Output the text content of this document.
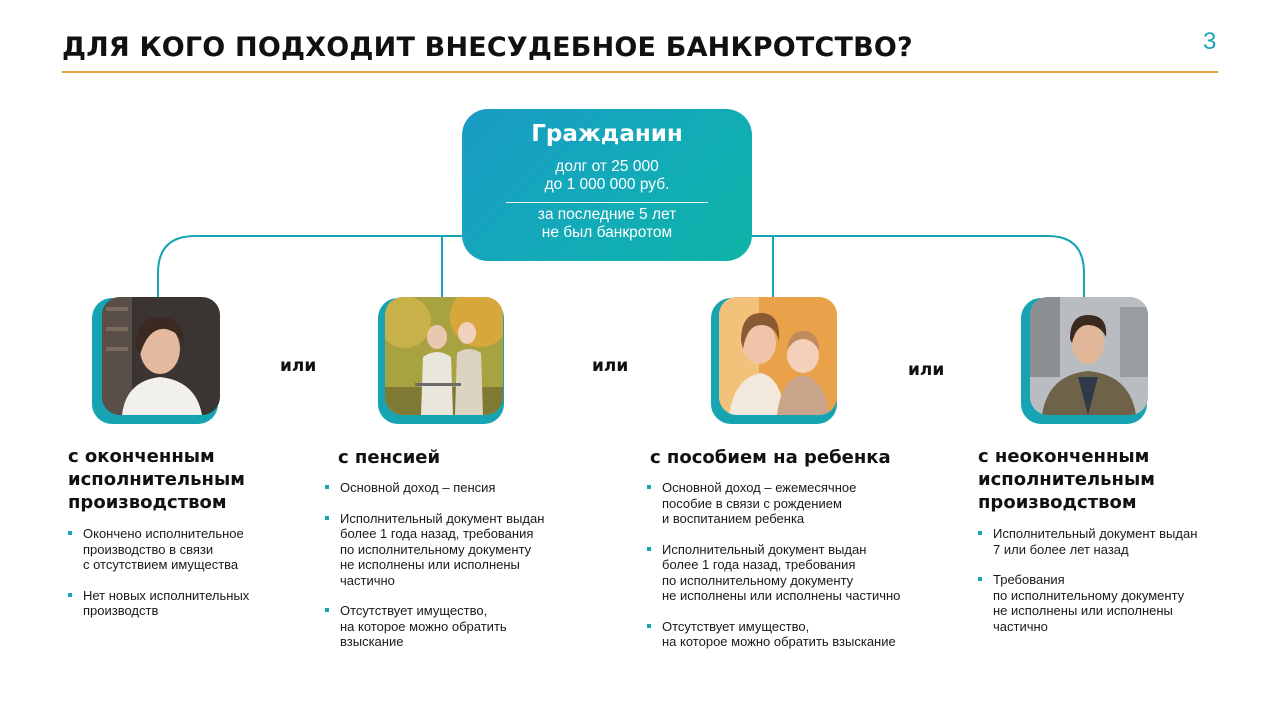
ДЛЯ КОГО ПОДХОДИТ ВНЕСУДЕБНОЕ БАНКРОТСТВО?	3
Гражданин
долг от 25 000
до 1 000 000 руб.
за последние 5 лет
не был банкротом
или	или	или
с оконченным
исполнительным
производством
Окончено исполнительное
производство в связи
с отсутствием имущества
Нет новых исполнительных
производств
с пенсией
Основной доход – пенсия
Исполнительный документ выдан
более 1 года назад, требования
по исполнительному документу
не исполнены или исполнены
частично
Отсутствует имущество,
на которое можно обратить
взыскание
с пособием на ребенка
Основной доход – ежемесячное
пособие в связи с рождением
и воспитанием ребенка
Исполнительный документ выдан
более 1 года назад, требования
по исполнительному документу
не исполнены или исполнены частично
Отсутствует имущество,
на которое можно обратить взыскание
с неоконченным
исполнительным
производством
Исполнительный документ выдан
7 или более лет назад
Требования
по исполнительному документу
не исполнены или исполнены
частично
